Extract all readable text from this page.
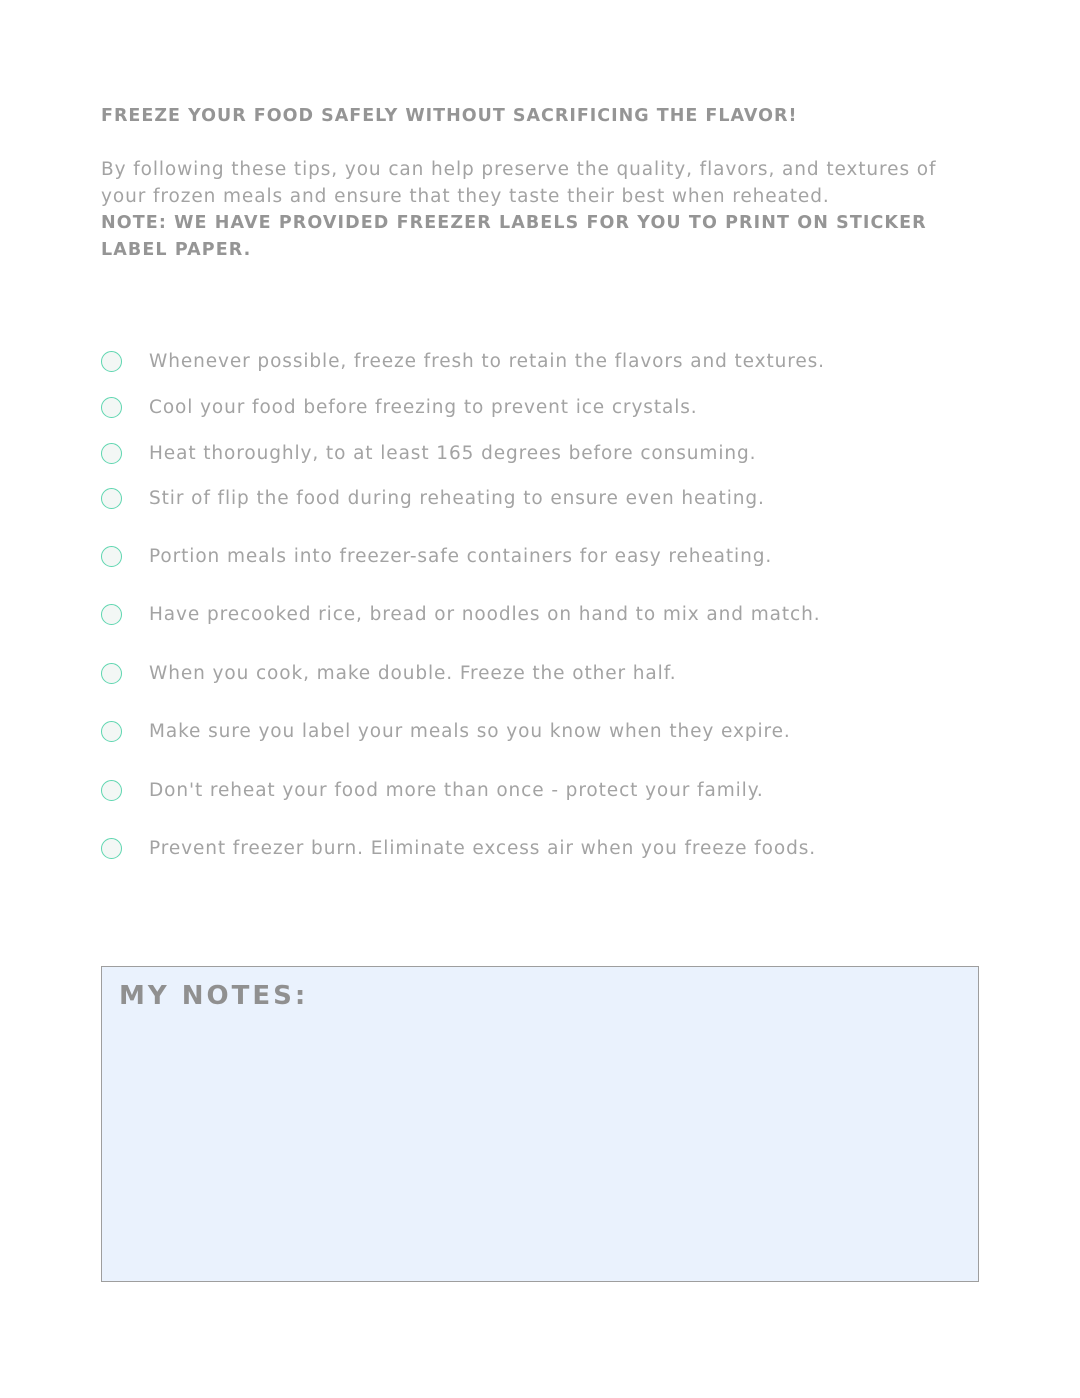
FREEZE YOUR FOOD SAFELY WITHOUT SACRIFICING THE FLAVOR!

By following these tips, you can help preserve the quality, flavors, and textures of your frozen meals and ensure that they taste their best when reheated.

NOTE: WE HAVE PROVIDED FREEZER LABELS FOR YOU TO PRINT ON STICKER LABEL PAPER.

Whenever possible, freeze fresh to retain the flavors and textures.
Cool your food before freezing to prevent ice crystals.
Heat thoroughly, to at least 165 degrees before consuming.
Stir of flip the food during reheating to ensure even heating.
Portion meals into freezer-safe containers for easy reheating.
Have precooked rice, bread or noodles on hand to mix and match.
When you cook, make double. Freeze the other half.
Make sure you label your meals so you know when they expire.
Don't reheat your food more than once - protect your family.
Prevent freezer burn. Eliminate excess air when you freeze foods.
MY NOTES:
